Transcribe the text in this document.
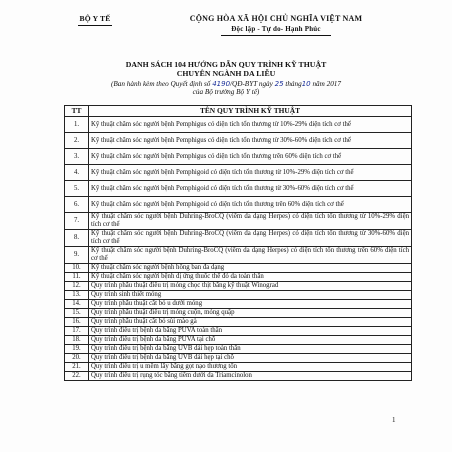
BỘ Y TẾ	CỘNG HÒA XÃ HỘI CHỦ NGHĨA VIỆT NAM
Độc lập - Tự do- Hạnh Phúc
DANH SÁCH 104 HƯỚNG DẪN QUY TRÌNH KỸ THUẬT
CHUYÊN NGÀNH DA LIỄU
(Ban hành kèm theo Quyết định số 4190/QĐ-BYT ngày 25 tháng10 năm 2017
của Bộ trưởng Bộ Y tế)
TT	TÊN QUY TRÌNH KỸ THUẬT
1.	Kỹ thuật chăm sóc người bệnh Pemphigus có diện tích tổn thương từ 10%-29% diện tích cơ thể
2.	Kỹ thuật chăm sóc người bệnh Pemphigus có diện tích tổn thương từ 30%-60% diện tích cơ thể
3.	Kỹ thuật chăm sóc người bệnh Pemphigus có diện tích tổn thương trên 60% diện tích cơ thể
4.	Kỹ thuật chăm sóc người bệnh Pemphigoid có diện tích tổn thương từ 10%-29% diện tích cơ thể
5.	Kỹ thuật chăm sóc người bệnh Pemphigoid có diện tích tổn thương từ 30%-60% diện tích cơ thể
6.	Kỹ thuật chăm sóc người bệnh Pemphigoid có diện tích tổn thương trên 60% diện tích cơ thể
7.	Kỹ thuật chăm sóc người bệnh Duhring-BroCQ (viêm da dạng Herpes) có diện tích tổn thương từ 10%-29% diện tích cơ thể
8.	Kỹ thuật chăm sóc người bệnh Duhring-BroCQ (viêm da dạng Herpes) có diện tích tổn thương từ 30%-60% diện tích cơ thể
9.	Kỹ thuật chăm sóc người bệnh Duhring-BroCQ (viêm da dạng Herpes) có diện tích tổn thương trên 60% diện tích cơ thể
10.	Kỹ thuật chăm sóc người bệnh hồng ban đa dạng
11.	Kỹ thuật chăm sóc người bệnh dị ứng thuốc thể đỏ da toàn thân
12.	Quy trình phẫu thuật điều trị móng chọc thịt bằng kỹ thuật Winograd
13.	Quy trình sinh thiết móng
14.	Quy trình phẫu thuật cắt bỏ u dưới móng
15.	Quy trình phẫu thuật điều trị móng cuộn, móng quặp
16.	Quy trình phẫu thuật cắt bỏ sùi mào gà
17.	Quy trình điều trị bệnh da bằng PUVA toàn thân
18.	Quy trình điều trị bệnh da bằng PUVA tại chỗ
19.	Quy trình điều trị bệnh da bằng UVB dải hẹp toàn thân
20.	Quy trình điều trị bệnh da bằng UVB dải hẹp tại chỗ
21.	Quy trình điều trị u mềm lây bằng gọt nạo thương tổn
22.	Quy trình điều trị rụng tóc bằng tiêm dưới da Triamcinolon
1
